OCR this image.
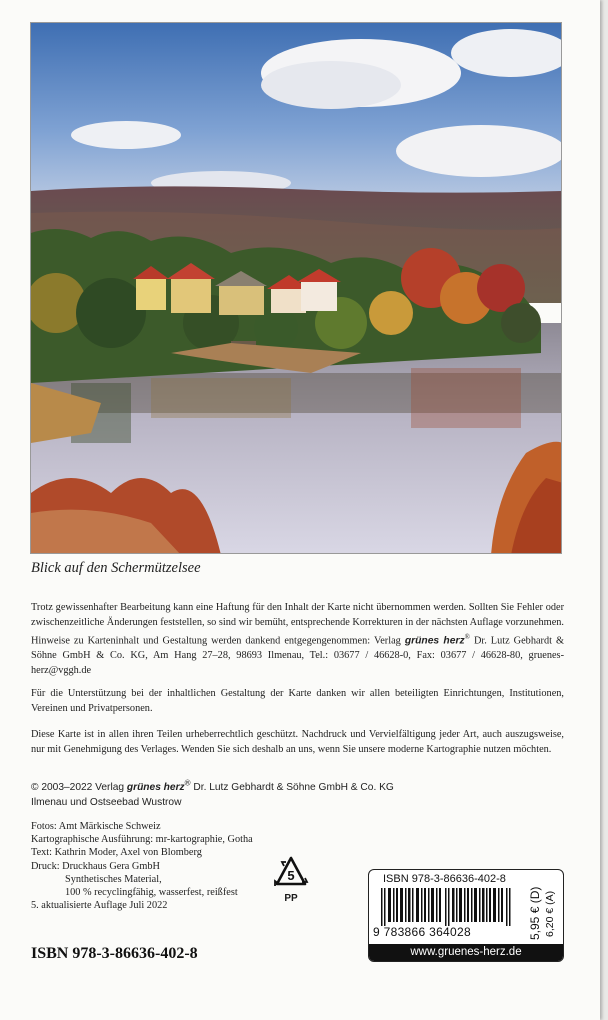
Blick auf den Schermützelsee
Trotz gewissenhafter Bearbeitung kann eine Haftung für den Inhalt der Karte nicht übernommen werden. Sollten Sie Fehler oder zwischenzeitliche Änderungen feststellen, so sind wir bemüht, entsprechende Korrekturen in der nächsten Auflage vorzunehmen. Hinweise zu Karteninhalt und Gestaltung werden dankend entgegengenommen: Verlag grünes herz® Dr. Lutz Gebhardt & Söhne GmbH & Co. KG, Am Hang 27–28, 98693 Ilmenau, Tel.: 03677 / 46628-0, Fax: 03677 / 46628-80, gruenes-herz@vggh.de
Für die Unterstützung bei der inhaltlichen Gestaltung der Karte danken wir allen beteiligten Einrichtungen, Institutionen, Vereinen und Privatpersonen.
Diese Karte ist in allen ihren Teilen urheberrechtlich geschützt. Nachdruck und Vervielfältigung jeder Art, auch auszugsweise, nur mit Genehmigung des Verlages. Wenden Sie sich deshalb an uns, wenn Sie unsere moderne Kartographie nutzen möchten.
© 2003–2022 Verlag grünes herz® Dr. Lutz Gebhardt & Söhne GmbH & Co. KG
Ilmenau und Ostseebad Wustrow
Fotos: Amt Märkische Schweiz
Kartographische Ausführung: mr-kartographie, Gotha
Text: Kathrin Moder, Axel von Blomberg
Druck: Druckhaus Gera GmbH
Synthetisches Material,
100 % recyclingfähig, wasserfest, reißfest
5. aktualisierte Auflage Juli 2022
5
PP
ISBN 978-3-86636-402-8
ISBN 978-3-86636-402-8
9 783866 364028	5,95 € (D) 6,20 € (A)
www.gruenes-herz.de
